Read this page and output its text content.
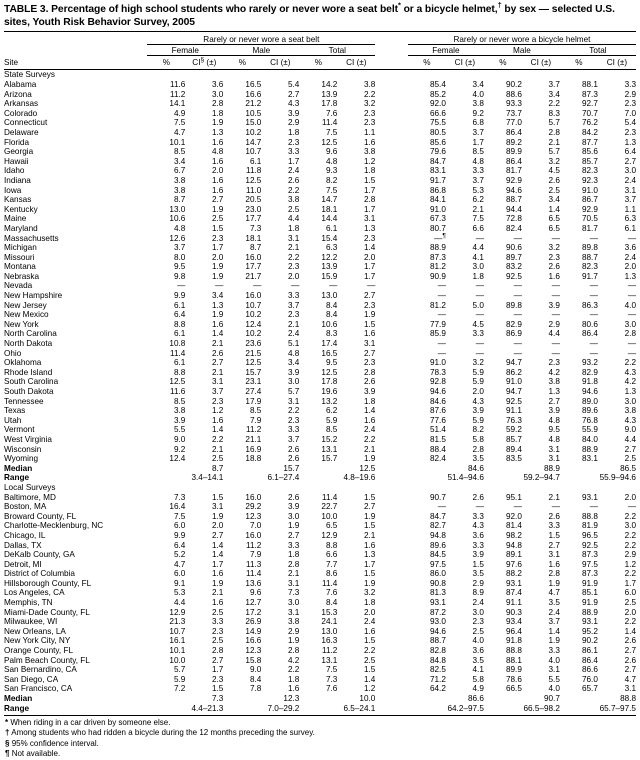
TABLE 3. Percentage of high school students who rarely or never wore a seat belt* or a bicycle helmet,† by sex — selected U.S. sites, Youth Risk Behavior Survey, 2005

	Rarely or never wore a seat belt							Rarely or never wore a bicycle helmet					
	Female		Male		Total			Female		Male		Total	
Site	%	CI§ (±)	%	CI (±)	%	CI (±)		%	CI (±)	%	CI (±)	%	CI (±)

State Surveys													
Alabama	11.6	3.6	16.5	5.4	14.2	3.8		85.4	3.4	90.2	3.7	88.1	3.3
Arizona	11.2	3.0	16.6	2.7	13.9	2.2		85.2	4.0	88.6	3.4	87.3	2.9
Arkansas	14.1	2.8	21.2	4.3	17.8	3.2		92.0	3.8	93.3	2.2	92.7	2.3
Colorado	4.9	1.8	10.5	3.9	7.6	2.3		66.6	9.2	73.7	8.3	70.7	7.0
Connecticut	7.5	1.9	15.0	2.9	11.4	2.3		75.5	6.8	77.0	5.7	76.2	5.4
Delaware	4.7	1.3	10.2	1.8	7.5	1.1		80.5	3.7	86.4	2.8	84.2	2.3
Florida	10.1	1.6	14.7	2.3	12.5	1.6		85.6	1.7	89.2	2.1	87.7	1.3
Georgia	8.5	4.8	10.7	3.3	9.6	3.8		79.6	8.5	89.9	5.7	85.6	6.4
Hawaii	3.4	1.6	6.1	1.7	4.8	1.2		84.7	4.8	86.4	3.2	85.7	2.7
Idaho	6.7	2.0	11.8	2.4	9.3	1.8		83.1	3.3	81.7	4.5	82.3	3.0
Indiana	3.8	1.6	12.5	2.6	8.2	1.5		91.7	3.7	92.9	2.6	92.3	2.4
Iowa	3.8	1.6	11.0	2.2	7.5	1.7		86.8	5.3	94.6	2.5	91.0	3.1
Kansas	8.7	2.7	20.5	3.8	14.7	2.8		84.1	6.2	88.7	3.4	86.7	3.7
Kentucky	13.0	1.9	23.0	2.5	18.1	1.7		91.0	2.1	94.4	1.4	92.9	1.1
Maine	10.6	2.5	17.7	4.4	14.4	3.1		67.3	7.5	72.8	6.5	70.5	6.3
Maryland	4.8	1.5	7.3	1.8	6.1	1.3		80.7	6.6	82.4	6.5	81.7	6.1
Massachusetts	12.6	2.3	18.1	3.1	15.4	2.3		—¶	—	—	—	—	—
Michigan	3.7	1.7	8.7	2.1	6.3	1.4		88.9	4.4	90.6	3.2	89.8	3.6
Missouri	8.0	2.0	16.0	2.2	12.2	2.0		87.3	4.1	89.7	2.3	88.7	2.4
Montana	9.5	1.9	17.7	2.3	13.9	1.7		81.2	3.0	83.2	2.6	82.3	2.0
Nebraska	9.8	1.9	21.7	2.0	15.9	1.7		90.9	1.8	92.5	1.6	91.7	1.3
Nevada	—	—	—	—	—	—		—	—	—	—	—	—
New Hampshire	9.9	3.4	16.0	3.3	13.0	2.7		—	—	—	—	—	—
New Jersey	6.1	1.3	10.7	3.7	8.4	2.3		81.2	5.0	89.8	3.9	86.3	4.0
New Mexico	6.4	1.9	10.2	2.3	8.4	1.9		—	—	—	—	—	—
New York	8.8	1.6	12.4	2.1	10.6	1.5		77.9	4.5	82.9	2.9	80.6	3.0
North Carolina	6.1	1.4	10.2	2.4	8.3	1.6		85.9	3.3	86.9	4.4	86.4	2.8
North Dakota	10.8	2.1	23.6	5.1	17.4	3.1		—	—	—	—	—	—
Ohio	11.4	2.6	21.5	4.8	16.5	2.7		—	—	—	—	—	—
Oklahoma	6.1	2.7	12.5	3.4	9.5	2.3		91.0	3.2	94.7	2.3	93.2	2.2
Rhode Island	8.8	2.1	15.7	3.9	12.5	2.8		78.3	5.9	86.2	4.2	82.9	4.3
South Carolina	12.5	3.1	23.1	3.0	17.8	2.6		92.8	5.9	91.0	3.8	91.8	4.2
South Dakota	11.6	3.7	27.4	5.7	19.6	3.9		94.6	2.0	94.7	1.3	94.6	1.3
Tennessee	8.5	2.3	17.9	3.1	13.2	1.8		84.6	4.3	92.5	2.7	89.0	3.0
Texas	3.8	1.2	8.5	2.2	6.2	1.4		87.6	3.9	91.1	3.9	89.6	3.8
Utah	3.9	1.6	7.9	2.3	5.9	1.6		77.6	5.9	76.3	4.8	76.8	4.3
Vermont	5.5	1.4	11.2	3.3	8.5	2.4		51.4	8.2	59.2	9.5	55.9	9.0
West Virginia	9.0	2.2	21.1	3.7	15.2	2.2		81.5	5.8	85.7	4.8	84.0	4.4
Wisconsin	9.2	2.1	16.9	2.6	13.1	2.1		88.4	2.8	89.4	3.1	88.9	2.7
Wyoming	12.4	2.5	18.8	2.6	15.7	1.9		82.4	3.5	83.5	3.1	83.1	2.5
Median	8.7		15.7		12.5			84.6		88.9		86.5	
Range	3.4–14.1		6.1–27.4		4.8–19.6			51.4–94.6		59.2–94.7		55.9–94.6	
Local Surveys													
Baltimore, MD	7.3	1.5	16.0	2.6	11.4	1.5		90.7	2.6	95.1	2.1	93.1	2.0
Boston, MA	16.4	3.1	29.2	3.9	22.7	2.7		—	—	—	—	—	—
Broward County, FL	7.5	1.9	12.3	3.0	10.0	1.9		84.7	3.3	92.0	2.6	88.8	2.2
Charlotte-Mecklenburg, NC	6.0	2.0	7.0	1.9	6.5	1.5		82.7	4.3	81.4	3.3	81.9	3.0
Chicago, IL	9.9	2.7	16.0	2.7	12.9	2.1		94.8	3.6	98.2	1.5	96.5	2.2
Dallas, TX	6.4	1.4	11.2	3.3	8.8	1.6		89.6	3.3	94.8	2.7	92.5	2.2
DeKalb County, GA	5.2	1.4	7.9	1.8	6.6	1.3		84.5	3.9	89.1	3.1	87.3	2.9
Detroit, MI	4.7	1.7	11.3	2.8	7.7	1.7		97.5	1.5	97.6	1.6	97.5	1.2
District of Columbia	6.0	1.6	11.4	2.1	8.6	1.5		86.0	3.5	88.2	2.8	87.3	2.2
Hillsborough County, FL	9.1	1.9	13.6	3.1	11.4	1.9		90.8	2.9	93.1	1.9	91.9	1.7
Los Angeles, CA	5.3	2.1	9.6	7.3	7.6	3.2		81.3	8.9	87.4	4.7	85.1	6.0
Memphis, TN	4.4	1.6	12.7	3.0	8.4	1.8		93.1	2.4	91.1	3.5	91.9	2.5
Miami-Dade County, FL	12.9	2.5	17.2	3.1	15.3	2.0		87.2	3.0	90.3	2.4	88.9	2.0
Milwaukee, WI	21.3	3.3	26.9	3.8	24.1	2.4		93.0	2.3	93.4	3.7	93.1	2.2
New Orleans, LA	10.7	2.3	14.9	2.9	13.0	1.6		94.6	2.5	96.4	1.4	95.2	1.4
New York City, NY	16.1	2.5	16.6	1.9	16.3	1.5		88.7	4.0	91.8	1.9	90.2	2.6
Orange County, FL	10.1	2.8	12.3	2.8	11.2	2.2		82.8	3.6	88.8	3.3	86.1	2.7
Palm Beach County, FL	10.0	2.7	15.8	4.2	13.1	2.5		84.8	3.5	88.1	4.0	86.4	2.6
San Bernardino, CA	5.7	1.7	9.0	2.2	7.5	1.5		82.5	4.1	89.9	3.1	86.6	2.7
San Diego, CA	5.9	2.3	8.4	1.8	7.3	1.4		71.2	5.8	78.6	5.5	76.0	4.7
San Francisco, CA	7.2	1.5	7.8	1.6	7.6	1.2		64.2	4.9	66.5	4.0	65.7	3.1
Median	7.3		12.3		10.0			86.6		90.7		88.8	
Range	4.4–21.3		7.0–29.2		6.5–24.1			64.2–97.5		66.5–98.2		65.7–97.5	

* When riding in a car driven by someone else.
† Among students who had ridden a bicycle during the 12 months preceding the survey.
§ 95% confidence interval.
¶ Not available.
